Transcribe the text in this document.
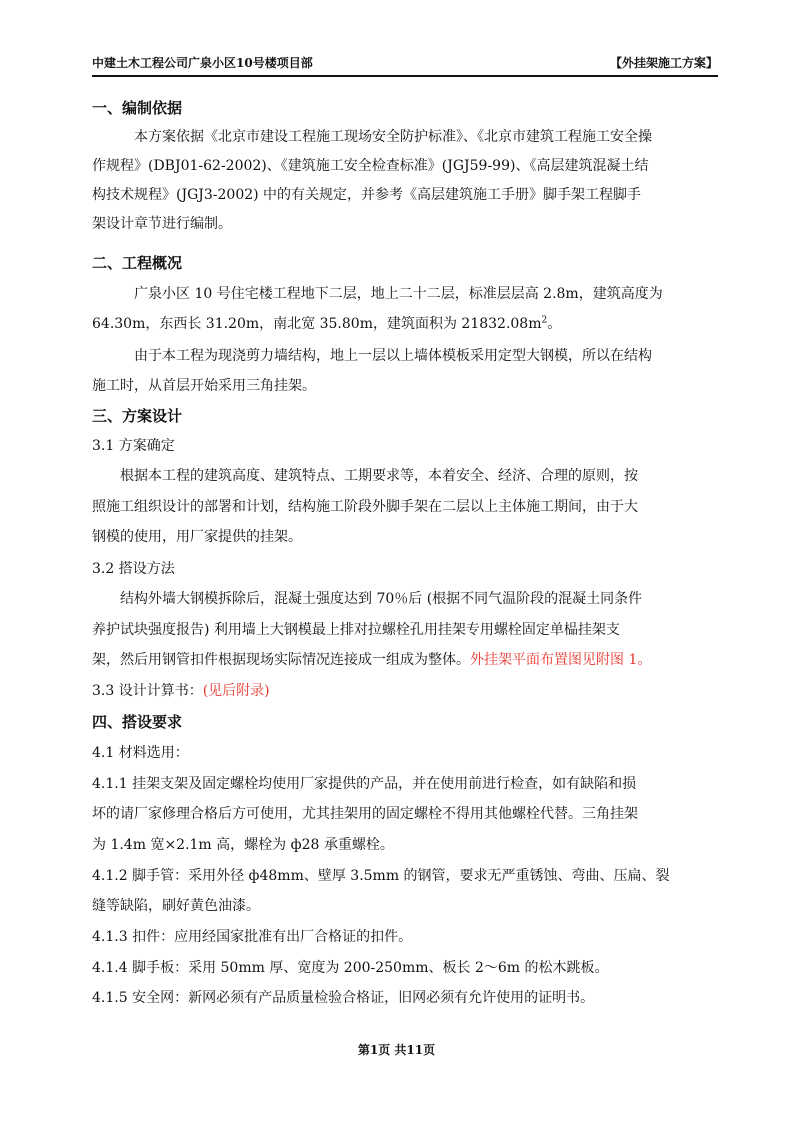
中建土木工程公司广泉小区10号楼项目部	【外挂架施工方案】
一、编制依据
本方案依据《北京市建设工程施工现场安全防护标准》、《北京市建筑工程施工安全操
作规程》(DBJ01-62-2002)、《建筑施工安全检查标准》(JGJ59-99)、《高层建筑混凝土结
构技术规程》(JGJ3-2002) 中的有关规定，并参考《高层建筑施工手册》脚手架工程脚手
架设计章节进行编制。
二、工程概况
广泉小区 10 号住宅楼工程地下二层，地上二十二层，标准层层高 2.8m，建筑高度为
64.30m，东西长 31.20m，南北宽 35.80m，建筑面积为 $21832.08m^2$。
由于本工程为现浇剪力墙结构，地上一层以上墙体模板采用定型大钢模，所以在结构
施工时，从首层开始采用三角挂架。
三、方案设计
3.1 方案确定
根据本工程的建筑高度、建筑特点、工期要求等，本着安全、经济、合理的原则，按
照施工组织设计的部署和计划，结构施工阶段外脚手架在二层以上主体施工期间，由于大
钢模的使用，用厂家提供的挂架。
3.2 搭设方法
结构外墙大钢模拆除后，混凝土强度达到 70％后 (根据不同气温阶段的混凝土同条件
养护试块强度报告) 利用墙上大钢模最上排对拉螺栓孔用挂架专用螺栓固定单榀挂架支
架，然后用钢管扣件根据现场实际情况连接成一组成为整体。外挂架平面布置图见附图 1。
3.3 设计计算书：(见后附录)
四、搭设要求
4.1 材料选用：
4.1.1 挂架支架及固定螺栓均使用厂家提供的产品，并在使用前进行检查，如有缺陷和损
坏的请厂家修理合格后方可使用，尤其挂架用的固定螺栓不得用其他螺栓代替。三角挂架
为 1.4m 宽×2.1m 高，螺栓为 ф28 承重螺栓。
4.1.2 脚手管：采用外径 ф48mm、壁厚 3.5mm 的钢管，要求无严重锈蚀、弯曲、压扁、裂
缝等缺陷，刷好黄色油漆。
4.1.3 扣件：应用经国家批准有出厂合格证的扣件。
4.1.4 脚手板：采用 50mm 厚、宽度为 200-250mm、板长 2～6m 的松木跳板。
4.1.5 安全网：新网必须有产品质量检验合格证，旧网必须有允许使用的证明书。
第1页 共11页
